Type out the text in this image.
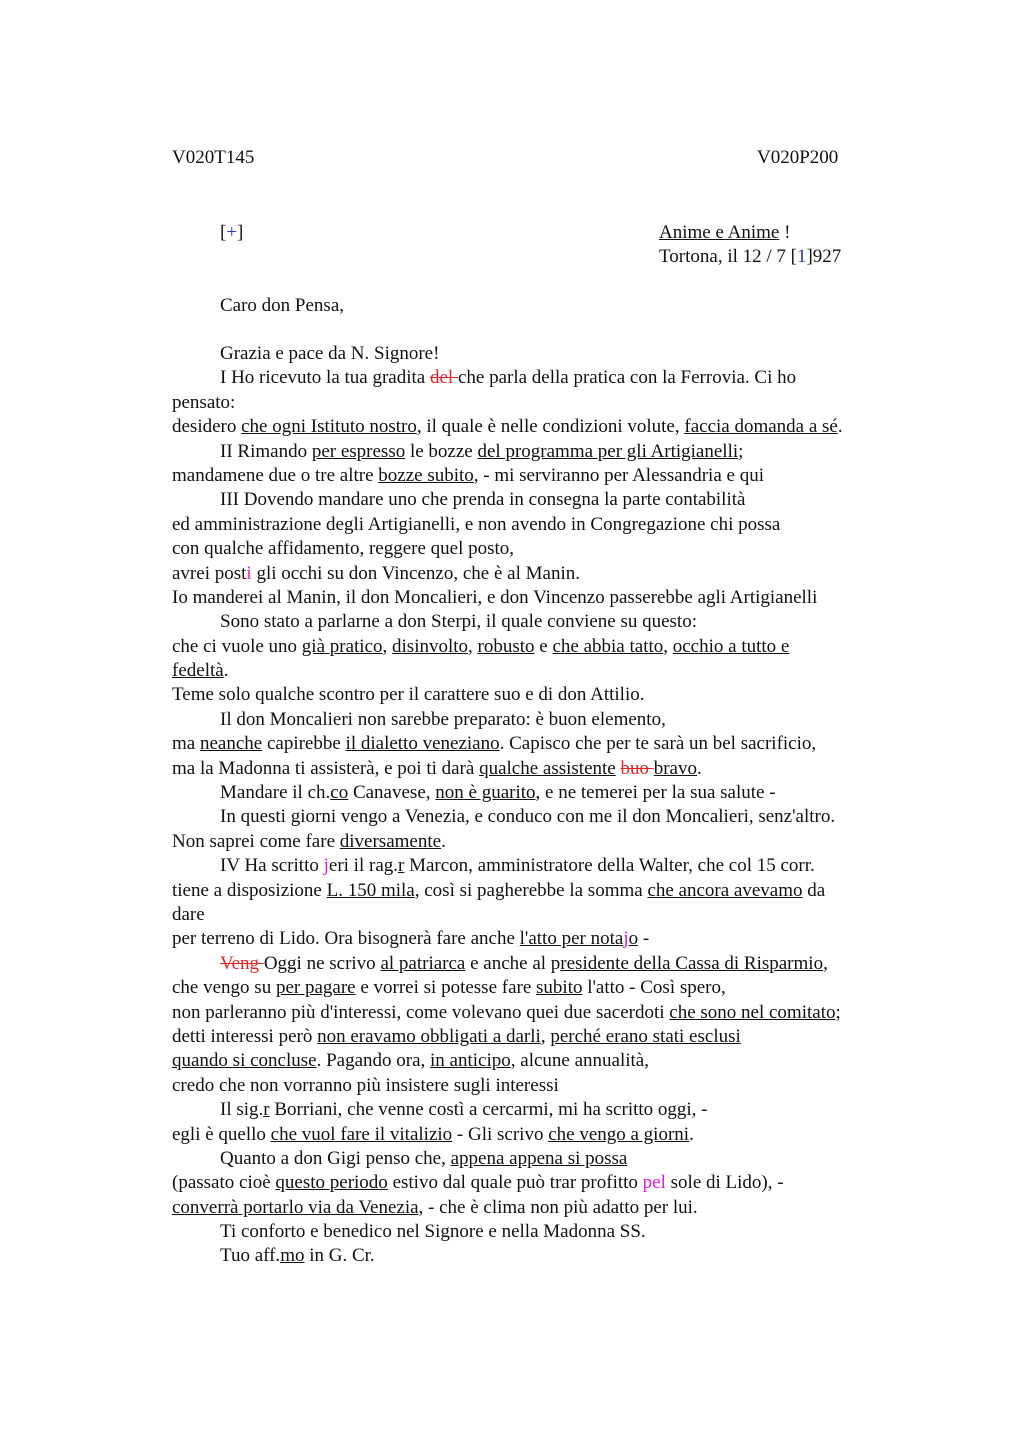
V020T145	V020P200
[+]	Anime e Anime !
Tortona, il 12 / 7 [1]927
Caro don Pensa,
Grazia e pace da N. Signore!
I Ho ricevuto la tua gradita del che parla della pratica con la Ferrovia. Ci ho
pensato:
desidero che ogni Istituto nostro, il quale è nelle condizioni volute, faccia domanda a sé.
II Rimando per espresso le bozze del programma per gli Artigianelli;
mandamene due o tre altre bozze subito, - mi serviranno per Alessandria e qui
III Dovendo mandare uno che prenda in consegna la parte contabilità
ed amministrazione degli Artigianelli, e non avendo in Congregazione chi possa
con qualche affidamento, reggere quel posto,
avrei posti gli occhi su don Vincenzo, che è al Manin.
Io manderei al Manin, il don Moncalieri, e don Vincenzo passerebbe agli Artigianelli
Sono stato a parlarne a don Sterpi, il quale conviene su questo:
che ci vuole uno già pratico, disinvolto, robusto e che abbia tatto, occhio a tutto e
fedeltà.
Teme solo qualche scontro per il carattere suo e di don Attilio.
Il don Moncalieri non sarebbe preparato: è buon elemento,
ma neanche capirebbe il dialetto veneziano. Capisco che per te sarà un bel sacrificio,
ma la Madonna ti assisterà, e poi ti darà qualche assistente buo bravo.
Mandare il ch.co Canavese, non è guarito, e ne temerei per la sua salute -
In questi giorni vengo a Venezia, e conduco con me il don Moncalieri, senz'altro.
Non saprei come fare diversamente.
IV Ha scritto jeri il rag.r Marcon, amministratore della Walter, che col 15 corr.
tiene a disposizione L. 150 mila, così si pagherebbe la somma che ancora avevamo da
dare
per terreno di Lido. Ora bisognerà fare anche l'atto per notajo -
Veng Oggi ne scrivo al patriarca e anche al presidente della Cassa di Risparmio,
che vengo su per pagare e vorrei si potesse fare subito l'atto - Così spero,
non parleranno più d'interessi, come volevano quei due sacerdoti che sono nel comitato;
detti interessi però non eravamo obbligati a darli, perché erano stati esclusi
quando si concluse. Pagando ora, in anticipo, alcune annualità,
credo che non vorranno più insistere sugli interessi
Il sig.r Borriani, che venne costì a cercarmi, mi ha scritto oggi, -
egli è quello che vuol fare il vitalizio - Gli scrivo che vengo a giorni.
Quanto a don Gigi penso che, appena appena si possa
(passato cioè questo periodo estivo dal quale può trar profitto pel sole di Lido), -
converrà portarlo via da Venezia, - che è clima non più adatto per lui.
Ti conforto e benedico nel Signore e nella Madonna SS.
Tuo aff.mo in G. Cr.
